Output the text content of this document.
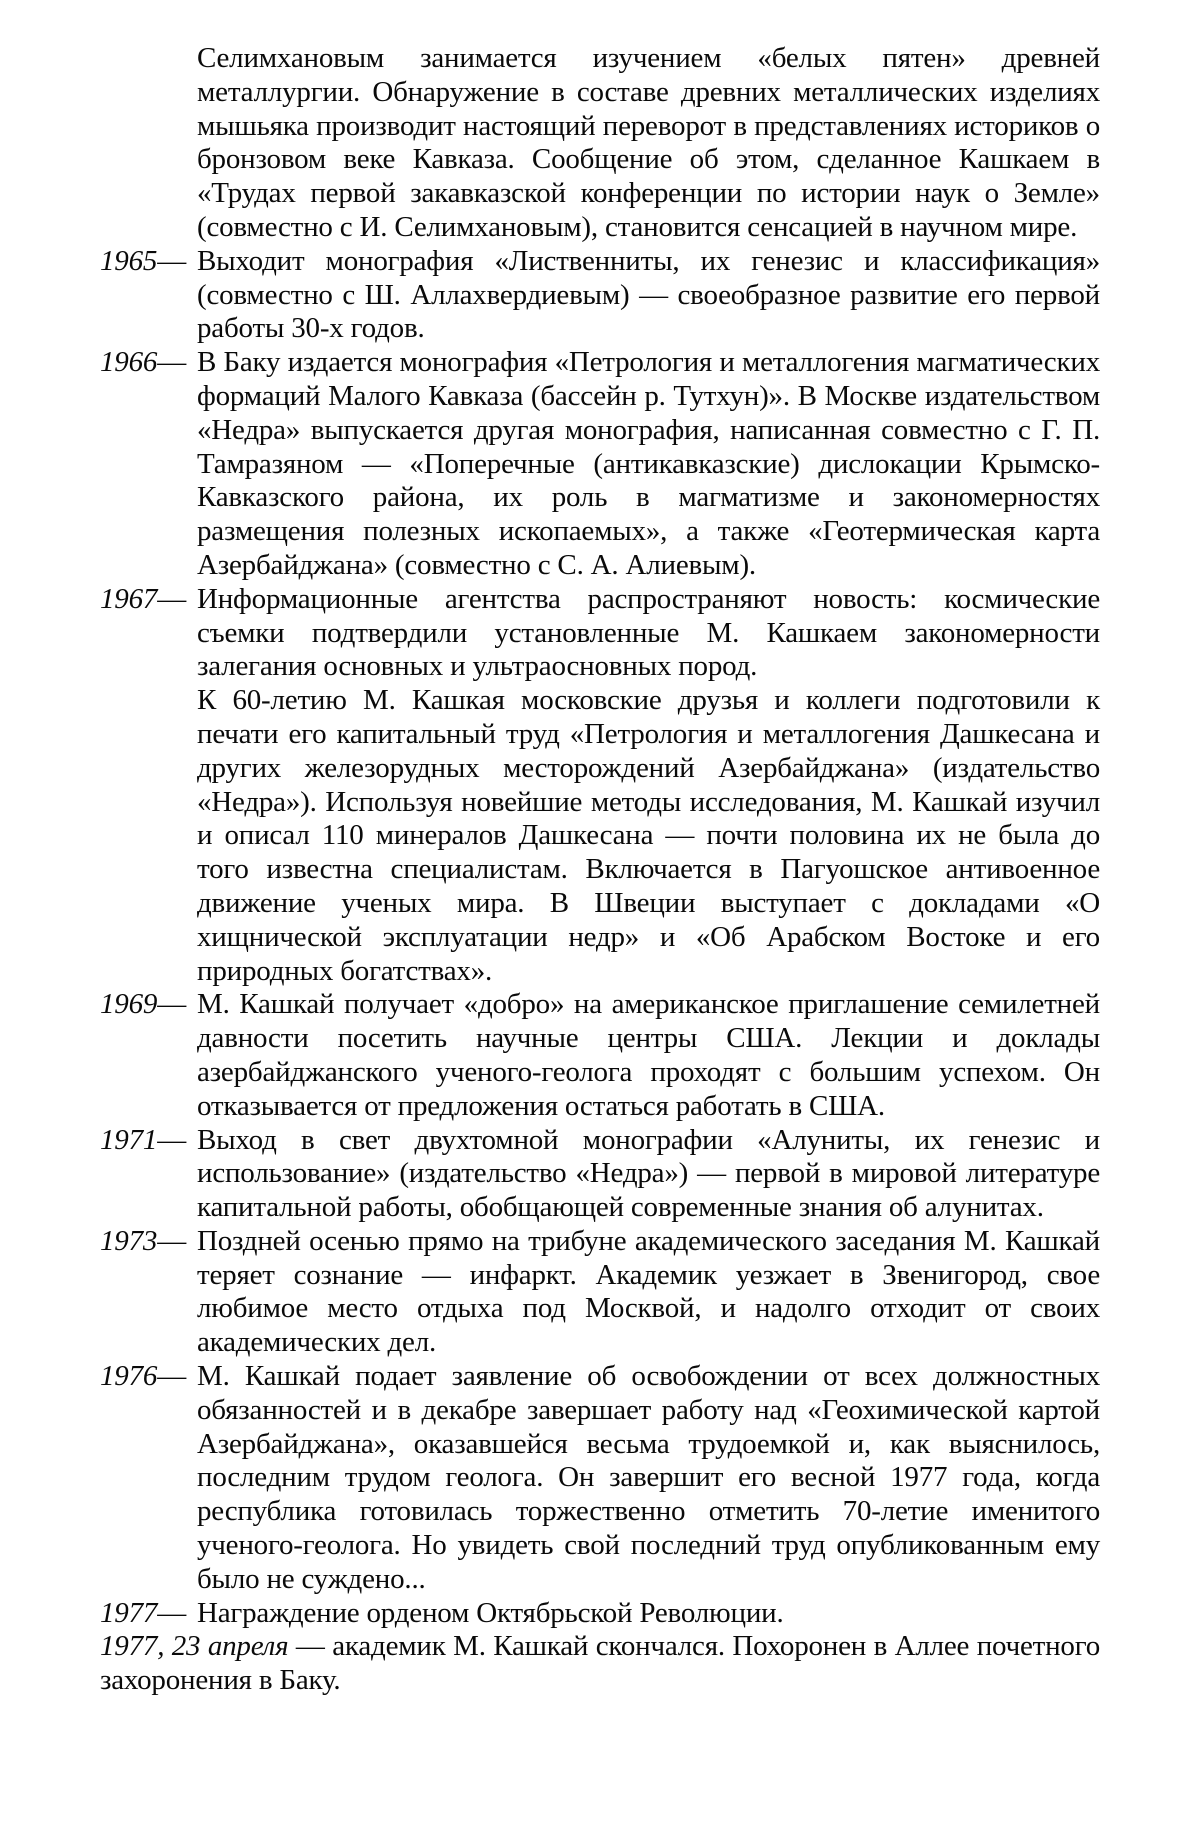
Селимхановым занимается изучением «белых пятен» древней металлургии. Обнаружение в составе древних металлических изделиях мышьяка производит настоящий переворот в представлениях историков о бронзовом веке Кавказа. Сообщение об этом, сделанное Кашкаем в «Трудах первой закавказской конференции по истории наук о Земле» (совместно с И. Селимхановым), становится сенсацией в научном мире.

1965— Выходит монография «Лиственниты, их генезис и классификация» (совместно с Ш. Аллахвердиевым) — своеобразное развитие его первой работы 30-х годов.
1966— В Баку издается монография «Петрология и металлогения магматических формаций Малого Кавказа (бассейн р. Тутхун)». В Москве издательством «Недра» выпускается другая монография, написанная совместно с Г. П. Тамразяном — «Поперечные (антикавказские) дислокации Крымско-Кавказского района, их роль в магматизме и закономерностях размещения полезных ископаемых», а также «Геотермическая карта Азербайджана» (совместно с С. А. Алиевым).
1967— Информационные агентства распространяют новость: космические съемки подтвердили установленные М. Кашкаем закономерности залегания основных и ультраосновных пород.
К 60-летию М. Кашкая московские друзья и коллеги подготовили к печати его капитальный труд «Петрология и металлогения Дашкесана и других железорудных месторождений Азербайджана» (издательство «Недра»). Используя новейшие методы исследования, М. Кашкай изучил и описал 110 минералов Дашкесана — почти половина их не была до того известна специалистам. Включается в Пагуошское антивоенное движение ученых мира. В Швеции выступает с докладами «О хищнической эксплуатации недр» и «Об Арабском Востоке и его природных богатствах».
1969— М. Кашкай получает «добро» на американское приглашение семилетней давности посетить научные центры США. Лекции и доклады азербайджанского ученого-геолога проходят с большим успехом. Он отказывается от предложения остаться работать в США.
1971— Выход в свет двухтомной монографии «Алуниты, их генезис и использование» (издательство «Недра») — первой в мировой литературе капитальной работы, обобщающей современные знания об алунитах.
1973— Поздней осенью прямо на трибуне академического заседания М. Кашкай теряет сознание — инфаркт. Академик уезжает в Звенигород, свое любимое место отдыха под Москвой, и надолго отходит от своих академических дел.
1976— М. Кашкай подает заявление об освобождении от всех должностных обязанностей и в декабре завершает работу над «Геохимической картой Азербайджана», оказавшейся весьма трудоемкой и, как выяснилось, последним трудом геолога. Он завершит его весной 1977 года, когда республика готовилась торжественно отметить 70-летие именитого ученого-геолога. Но увидеть свой последний труд опубликованным ему было не суждено...
1977— Награждение орденом Октябрьской Революции.
1977, 23 апреля — академик М. Кашкай скончался. Похоронен в Аллее почетного захоронения в Баку.
